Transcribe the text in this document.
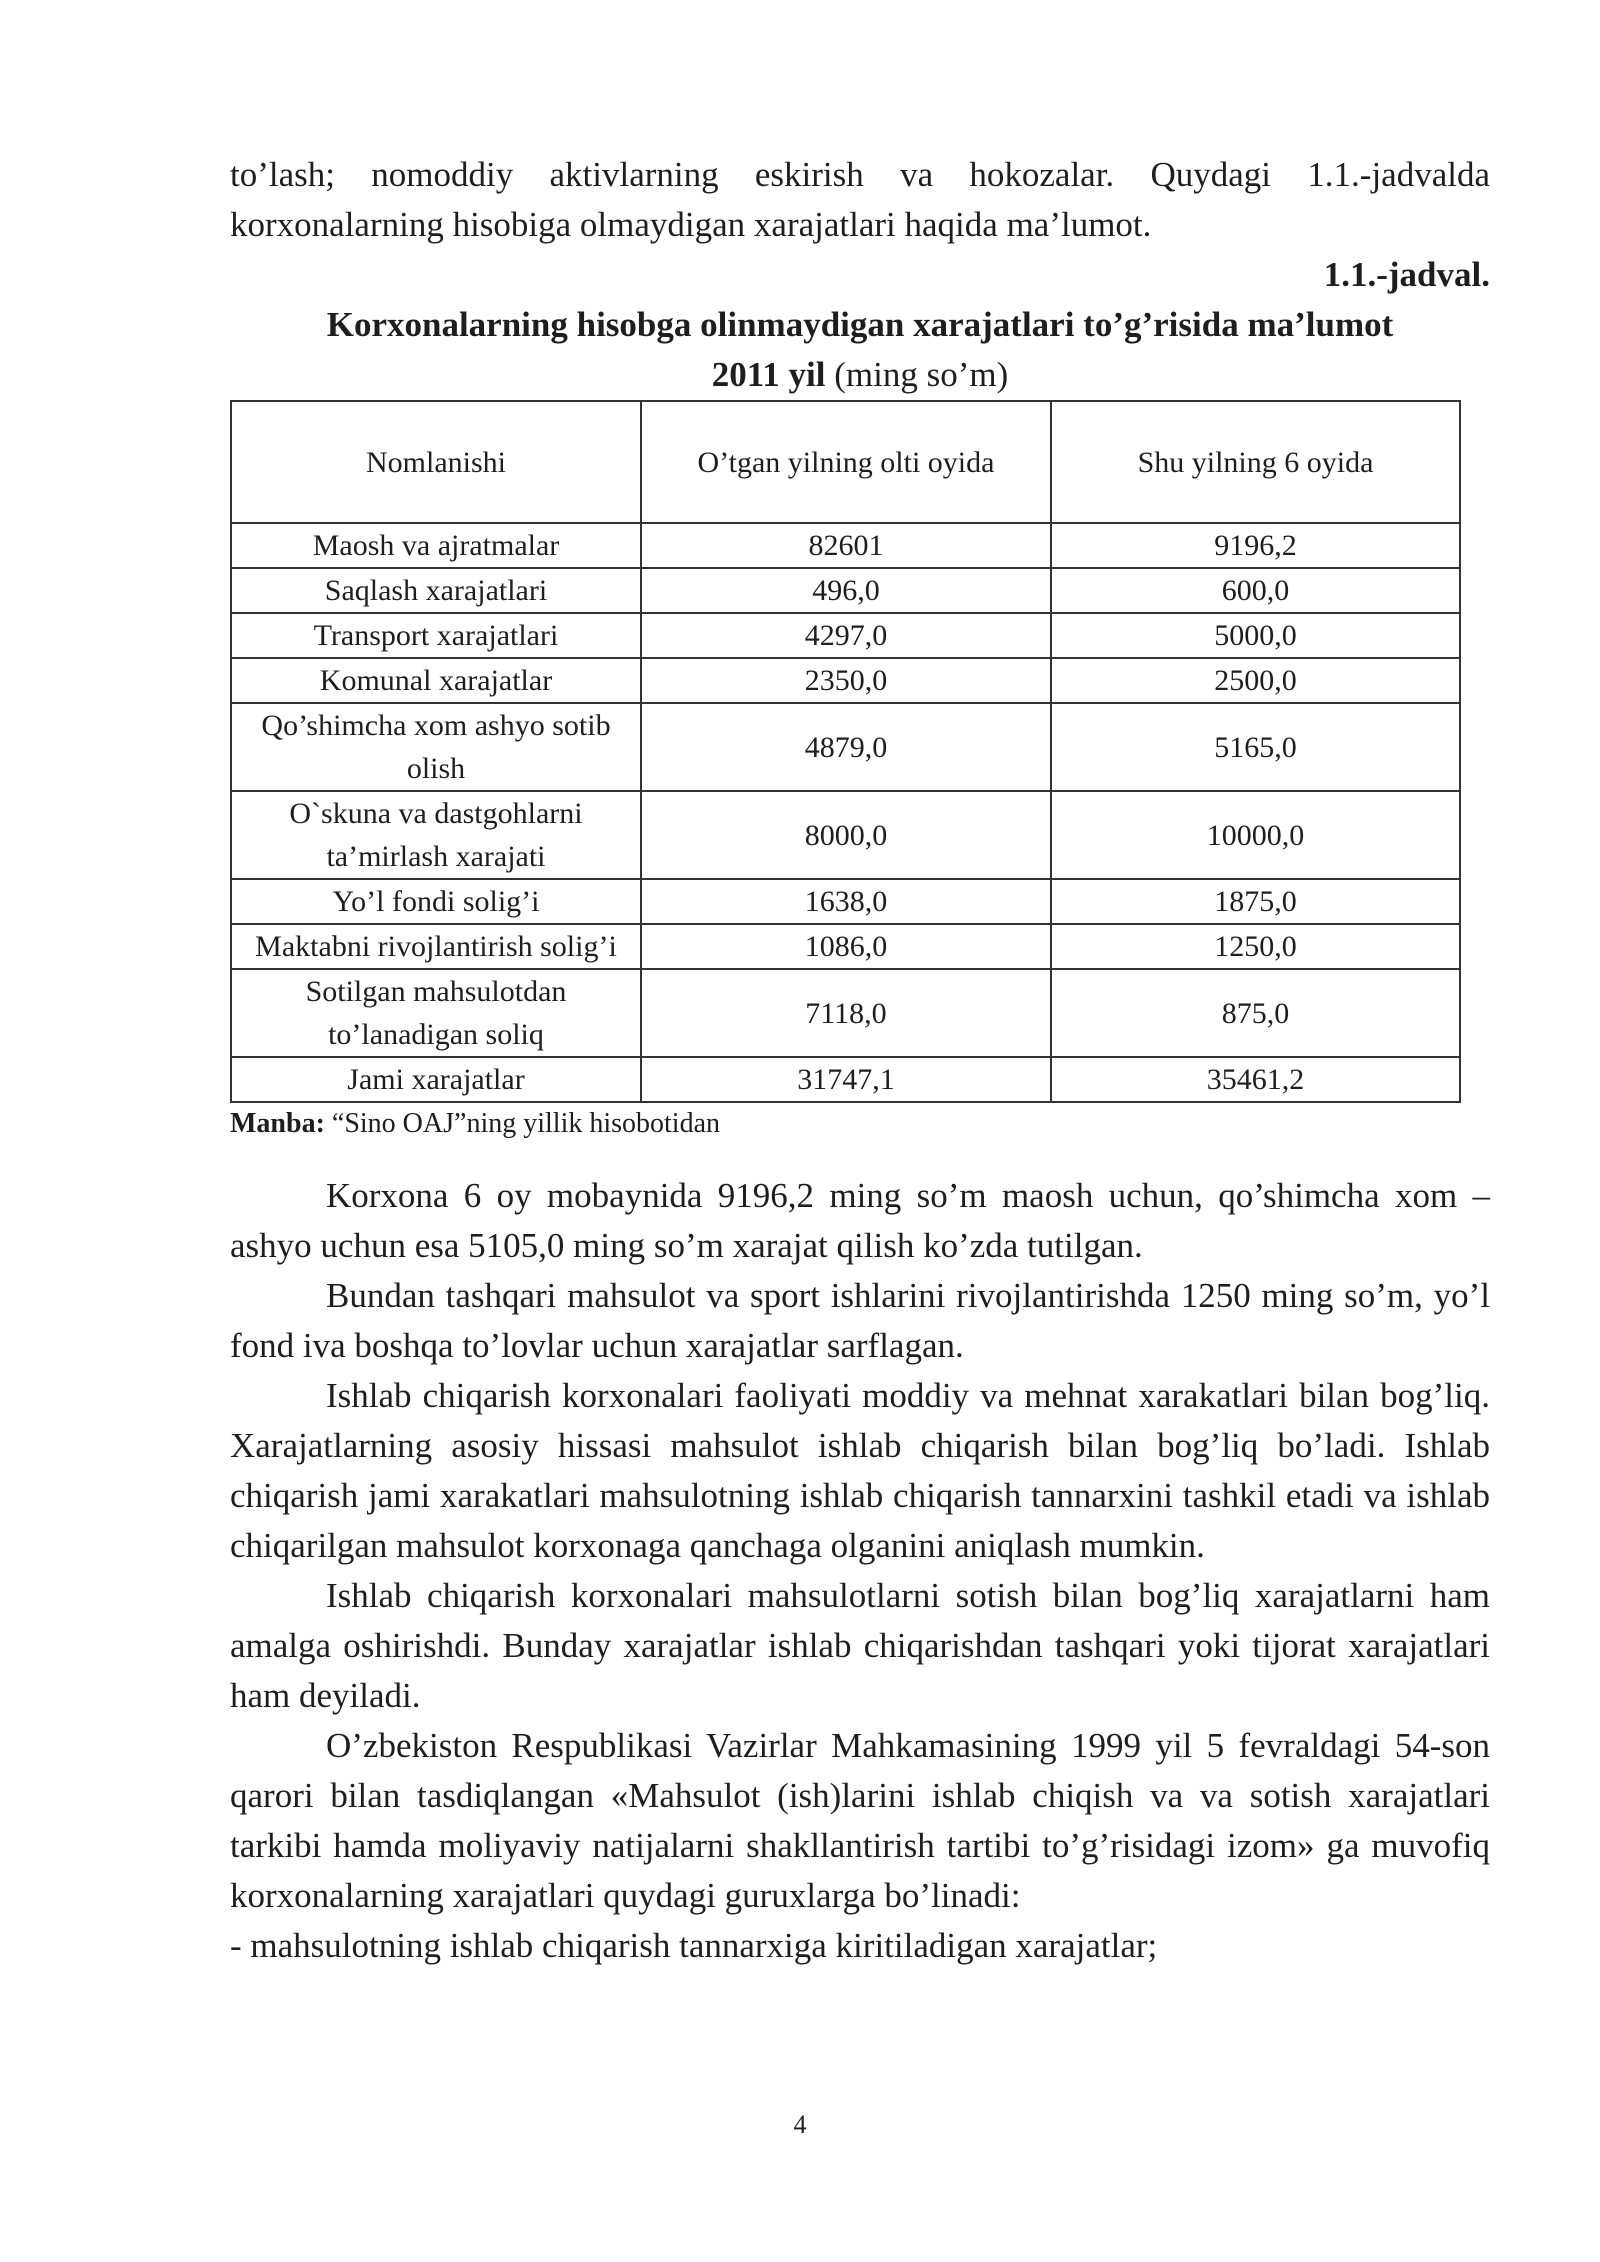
to’lash; nomoddiy aktivlarning eskirish va hokozalar. Quydagi 1.1.-jadvalda korxonalarning hisobiga olmaydigan xarajatlari haqida ma’lumot.

1.1.-jadval.

Korxonalarning hisobga olinmaydigan xarajatlari to’g’risida ma’lumot

2011 yil (ming so’m)

Nomlanishi	O’tgan yilning olti oyida	Shu yilning 6 oyida
Maosh va ajratmalar	82601	9196,2
Saqlash xarajatlari	496,0	600,0
Transport xarajatlari	4297,0	5000,0
Komunal xarajatlar	2350,0	2500,0
Qo’shimcha xom ashyo sotib olish	4879,0	5165,0
O`skuna va dastgohlarni ta’mirlash xarajati	8000,0	10000,0
Yo’l fondi solig’i	1638,0	1875,0
Maktabni rivojlantirish solig’i	1086,0	1250,0
Sotilgan mahsulotdan to’lanadigan soliq	7118,0	875,0
Jami xarajatlar	31747,1	35461,2

Manba: “Sino OAJ”ning yillik hisobotidan

Korxona 6 oy mobaynida 9196,2 ming so’m maosh uchun, qo’shimcha xom – ashyo uchun esa 5105,0 ming so’m xarajat qilish ko’zda tutilgan.

Bundan tashqari mahsulot va sport ishlarini rivojlantirishda 1250 ming so’m, yo’l fond iva boshqa to’lovlar uchun xarajatlar sarflagan.

Ishlab chiqarish korxonalari faoliyati moddiy va mehnat xarakatlari bilan bog’liq. Xarajatlarning asosiy hissasi mahsulot ishlab chiqarish bilan bog’liq bo’ladi. Ishlab chiqarish jami xarakatlari mahsulotning ishlab chiqarish tannarxini tashkil etadi va ishlab chiqarilgan mahsulot korxonaga qanchaga olganini aniqlash mumkin.

Ishlab chiqarish korxonalari mahsulotlarni sotish bilan bog’liq xarajatlarni ham amalga oshirishdi. Bunday xarajatlar ishlab chiqarishdan tashqari yoki tijorat xarajatlari ham deyiladi.

O’zbekiston Respublikasi Vazirlar Mahkamasining 1999 yil 5 fevraldagi 54-son qarori bilan tasdiqlangan «Mahsulot (ish)larini ishlab chiqish va va sotish xarajatlari tarkibi hamda moliyaviy natijalarni shakllantirish tartibi to’g’risidagi izom» ga muvofiq korxonalarning xarajatlari quydagi guruxlarga bo’linadi:

- mahsulotning ishlab chiqarish tannarxiga kiritiladigan xarajatlar;

4
